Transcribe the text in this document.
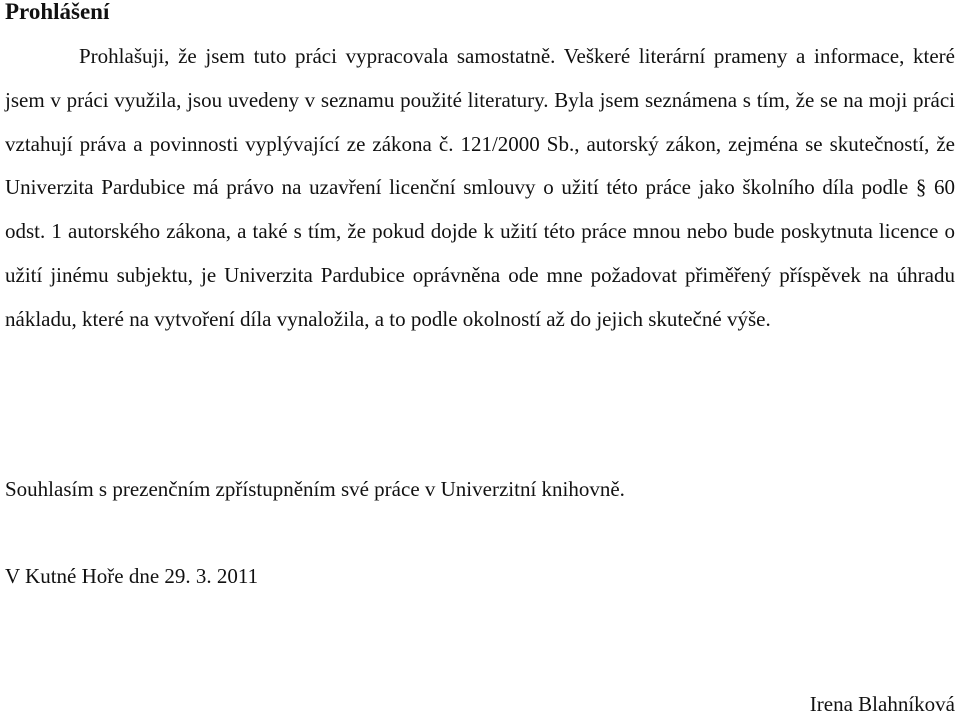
Prohlášení

Prohlašuji, že jsem tuto práci vypracovala samostatně. Veškeré literární prameny a informace, které jsem v práci využila, jsou uvedeny v seznamu použité literatury. Byla jsem seznámena s tím, že se na moji práci vztahují práva a povinnosti vyplývající ze zákona č. 121/2000 Sb., autorský zákon, zejména se skutečností, že Univerzita Pardubice má právo na uzavření licenční smlouvy o užití této práce jako školního díla podle § 60 odst. 1 autorského zákona, a také s tím, že pokud dojde k užití této práce mnou nebo bude poskytnuta licence o užití jinému subjektu, je Univerzita Pardubice oprávněna ode mne požadovat přiměřený příspěvek na úhradu nákladu, které na vytvoření díla vynaložila, a to podle okolností až do jejich skutečné výše.

Souhlasím s prezenčním zpřístupněním své práce v Univerzitní knihovně.

V Kutné Hoře dne 29. 3. 2011

Irena Blahníková
